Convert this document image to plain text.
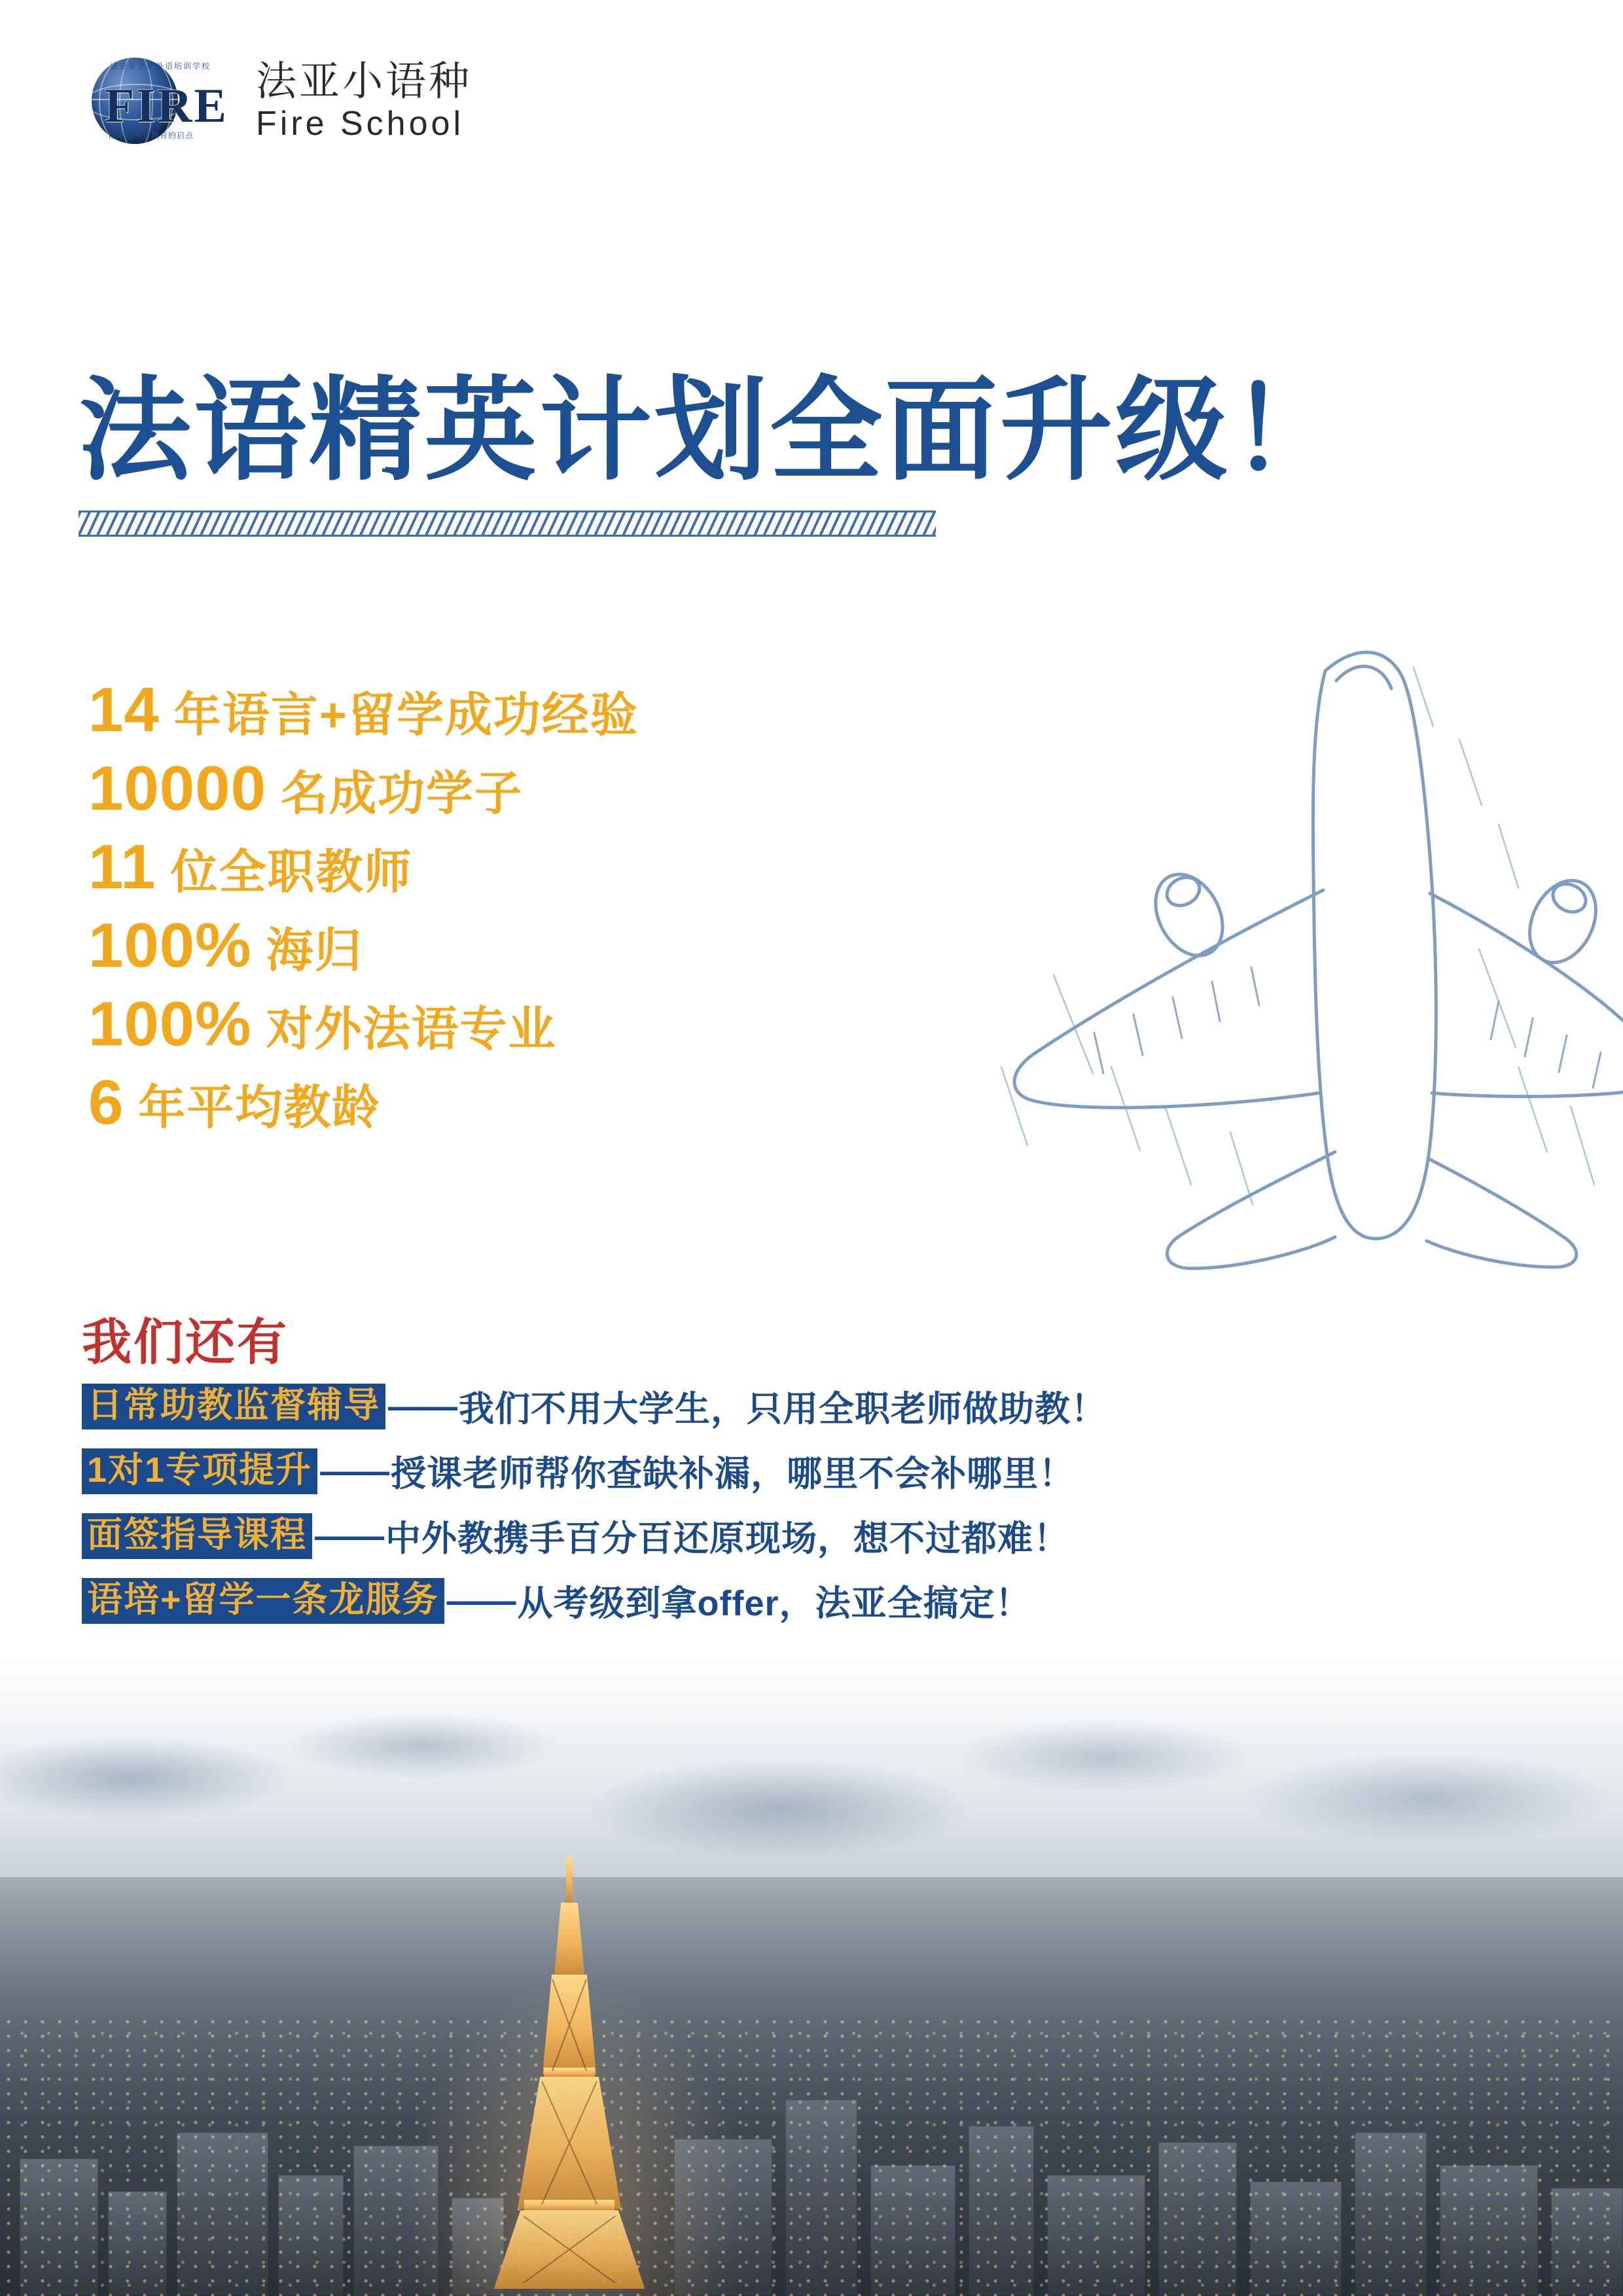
法亚多语种外语培训学校
FIRE
国际化外语教育的启点
法亚小语种
Fire School
法语精英计划全面升级！
14 年语言+留学成功经验
10000 名成功学子
11 位全职教师
100% 海归
100% 对外法语专业
6 年平均教龄
我们还有
日常助教监督辅导 —— 我们不用大学生，只用全职老师做助教！
1对1专项提升 —— 授课老师帮你查缺补漏，哪里不会补哪里！
面签指导课程 —— 中外教携手百分百还原现场，想不过都难！
语培+留学一条龙服务 —— 从考级到拿offer，法亚全搞定！
